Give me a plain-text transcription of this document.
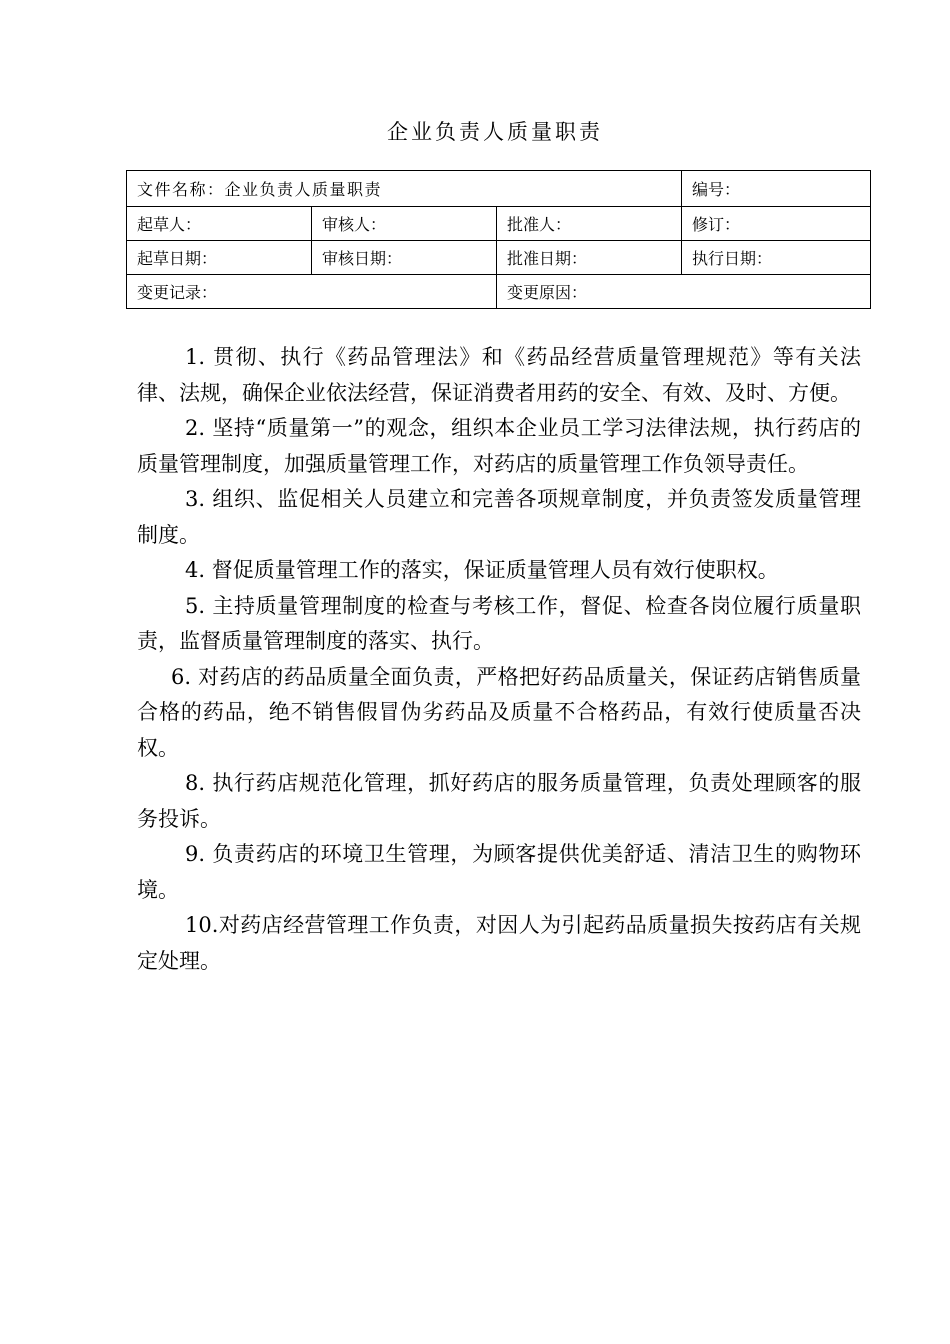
企业负责人质量职责
文件名称：企业负责人质量职责			编号：
起草人：	审核人：	批准人：	修订：
起草日期：	审核日期：	批准日期：	执行日期：
变更记录：		变更原因：	

1. 贯彻、执行《药品管理法》和《药品经营质量管理规范》等有关法律、法规，确保企业依法经营，保证消费者用药的安全、有效、及时、方便。

2. 坚持“质量第一”的观念，组织本企业员工学习法律法规，执行药店的质量管理制度，加强质量管理工作，对药店的质量管理工作负领导责任。

3. 组织、监促相关人员建立和完善各项规章制度，并负责签发质量管理制度。

4. 督促质量管理工作的落实，保证质量管理人员有效行使职权。

5. 主持质量管理制度的检查与考核工作，督促、检查各岗位履行质量职责，监督质量管理制度的落实、执行。

6. 对药店的药品质量全面负责，严格把好药品质量关，保证药店销售质量合格的药品，绝不销售假冒伪劣药品及质量不合格药品，有效行使质量否决权。

8. 执行药店规范化管理，抓好药店的服务质量管理，负责处理顾客的服务投诉。

9. 负责药店的环境卫生管理，为顾客提供优美舒适、清洁卫生的购物环境。

10.对药店经营管理工作负责，对因人为引起药品质量损失按药店有关规定处理。
